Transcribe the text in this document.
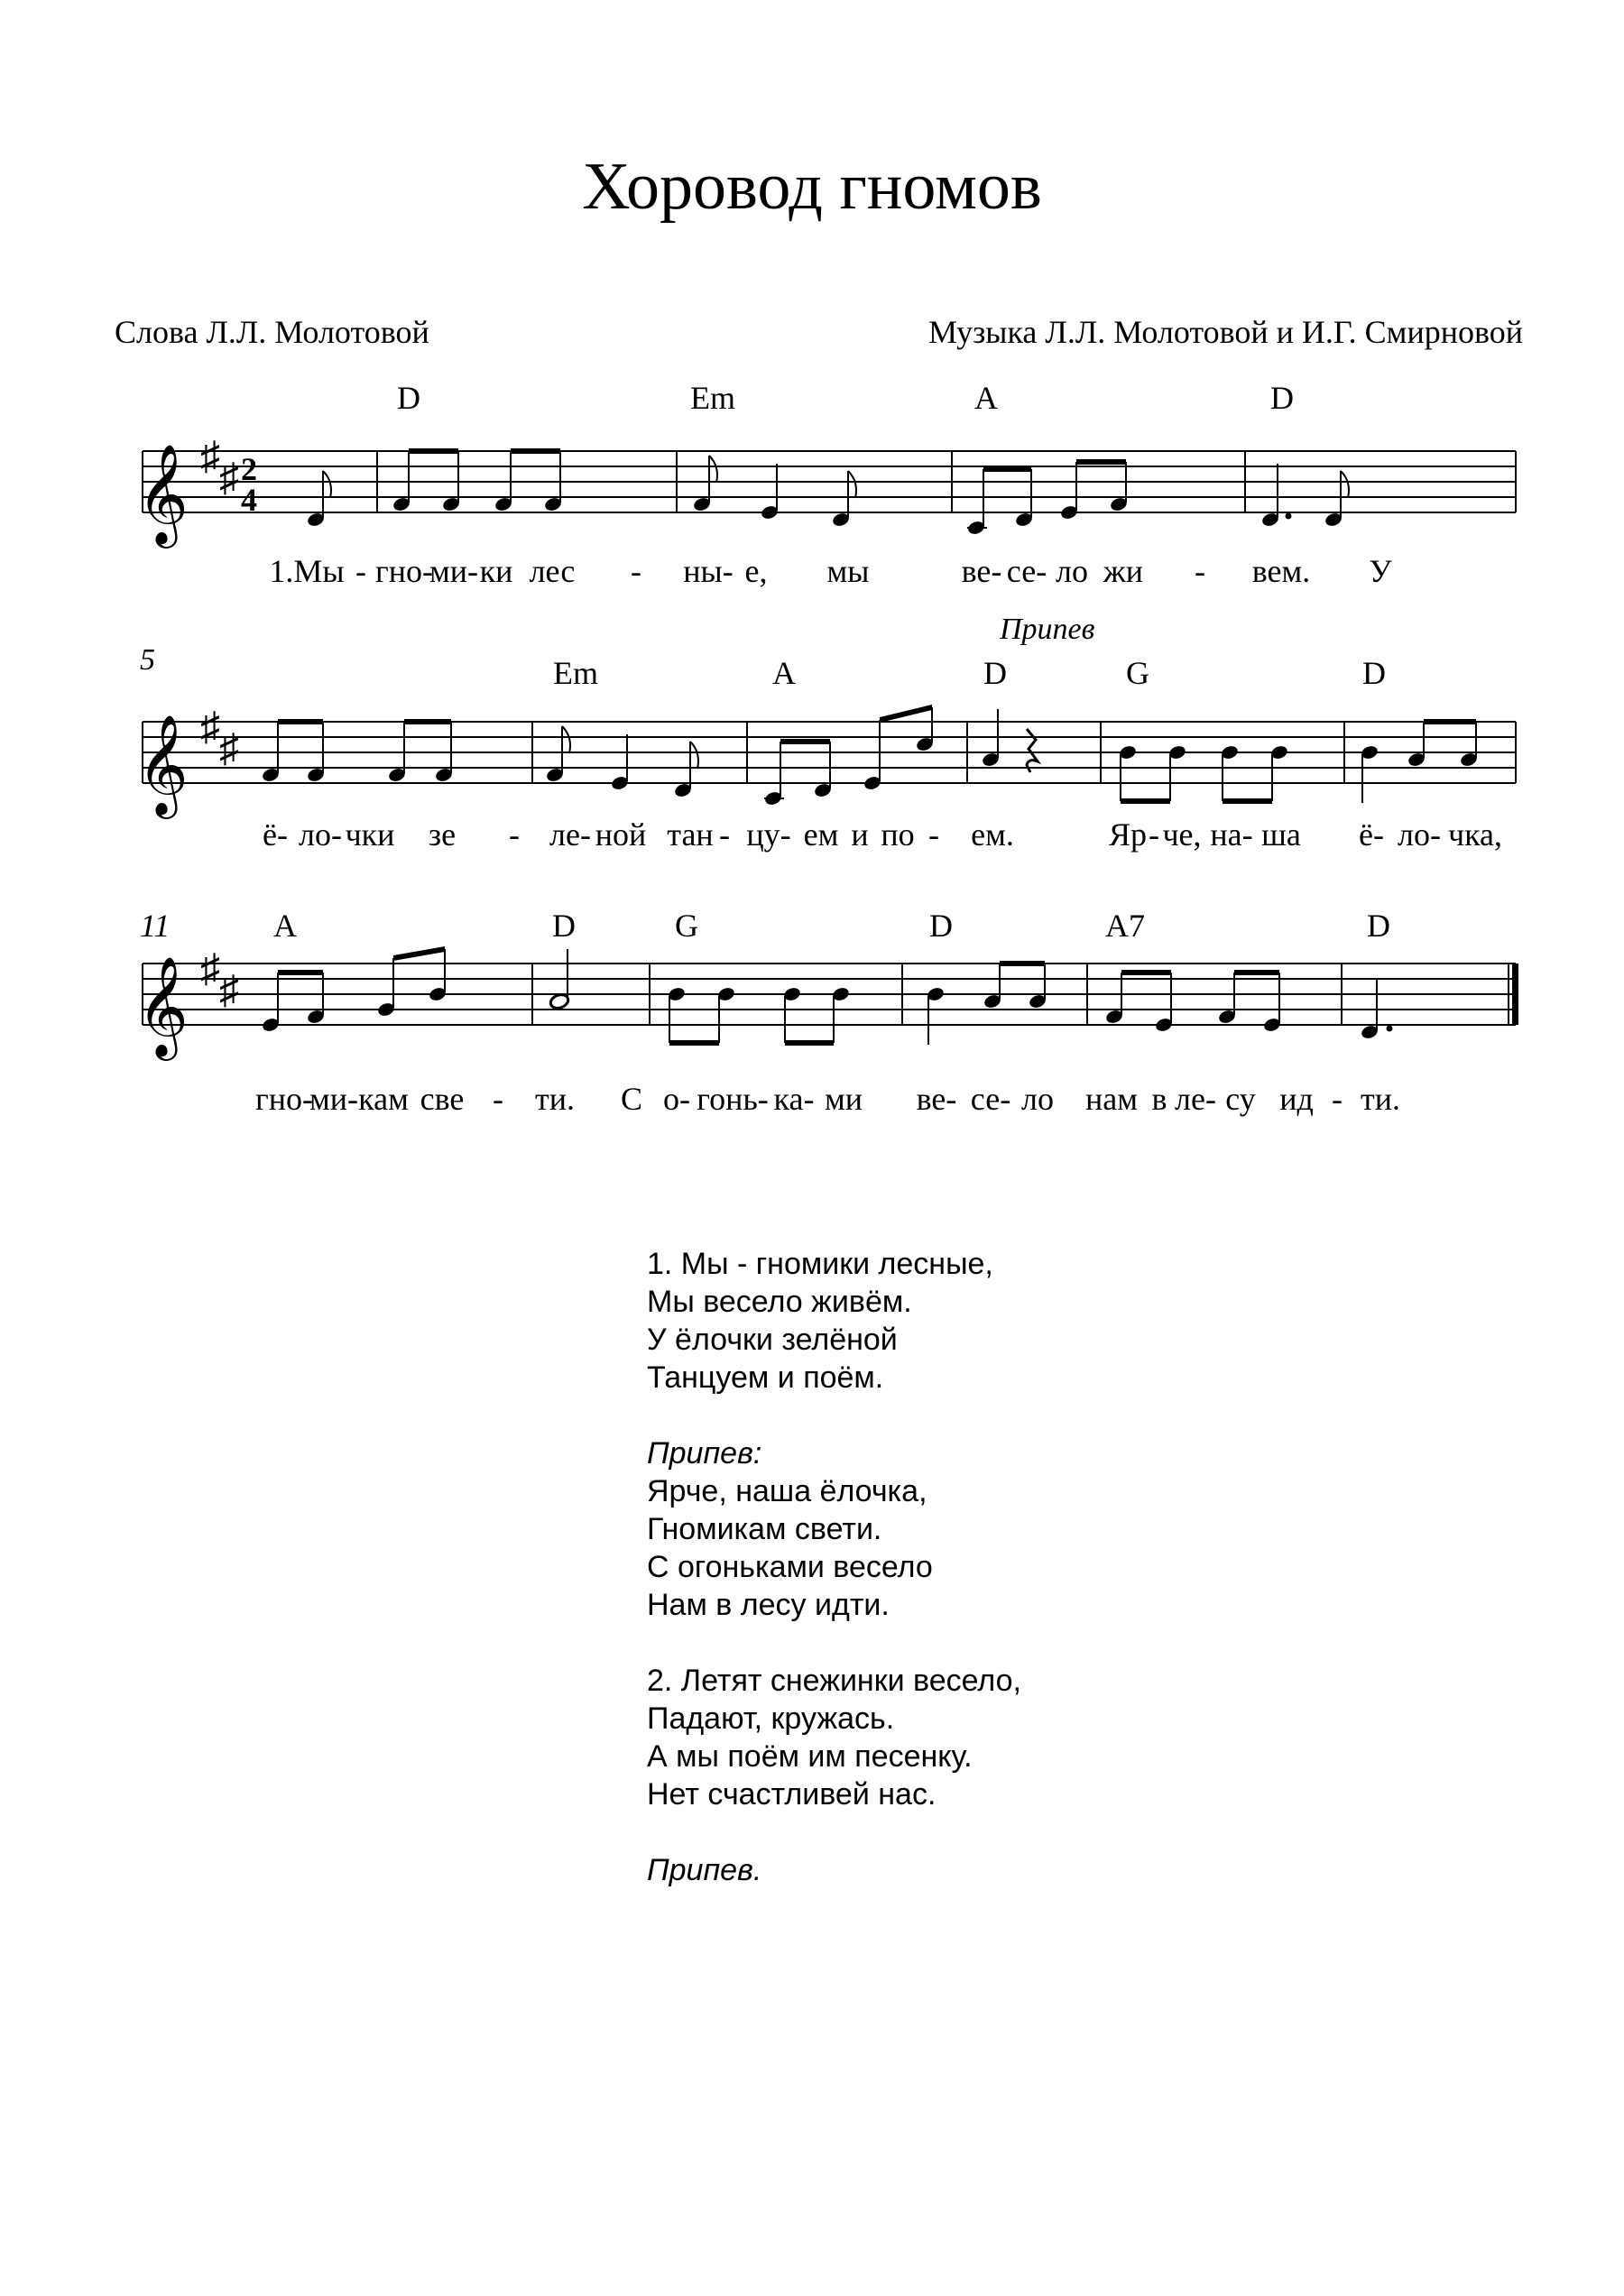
Хоровод гномов
Слова Л.Л. Молотовой	Музыка Л.Л. Молотовой и И.Г. Смирновой
𝄞 ♯ ♯ 2
4
𝄞 ♯ ♯
𝄞 ♯ ♯
5
11
Припев
D	Em	A	D
Em	A	D	G	D
A	D	G	D	A7	D
1.Мы - гно-
ми- ки лес - ны- е, мы	ве- се- ло жи - вем. У
ё- ло- чки зе - ле- ной тан - цу- ем и по - ем.	Яр - че, на- ша ё- ло- чка,
гно-
ми- кам све - ти. С о- гонь- ка- ми ве- се- ло нам в ле- су ид - ти.
1. Мы - гномики лесные,
Мы весело живём.
У ёлочки зелёной
Танцуем и поём.
Припев:
Ярче, наша ёлочка,
Гномикам свети.
С огоньками весело
Нам в лесу идти.
2. Летят снежинки весело,
Падают, кружась.
А мы поём им песенку.
Нет счастливей нас.
Припев.
